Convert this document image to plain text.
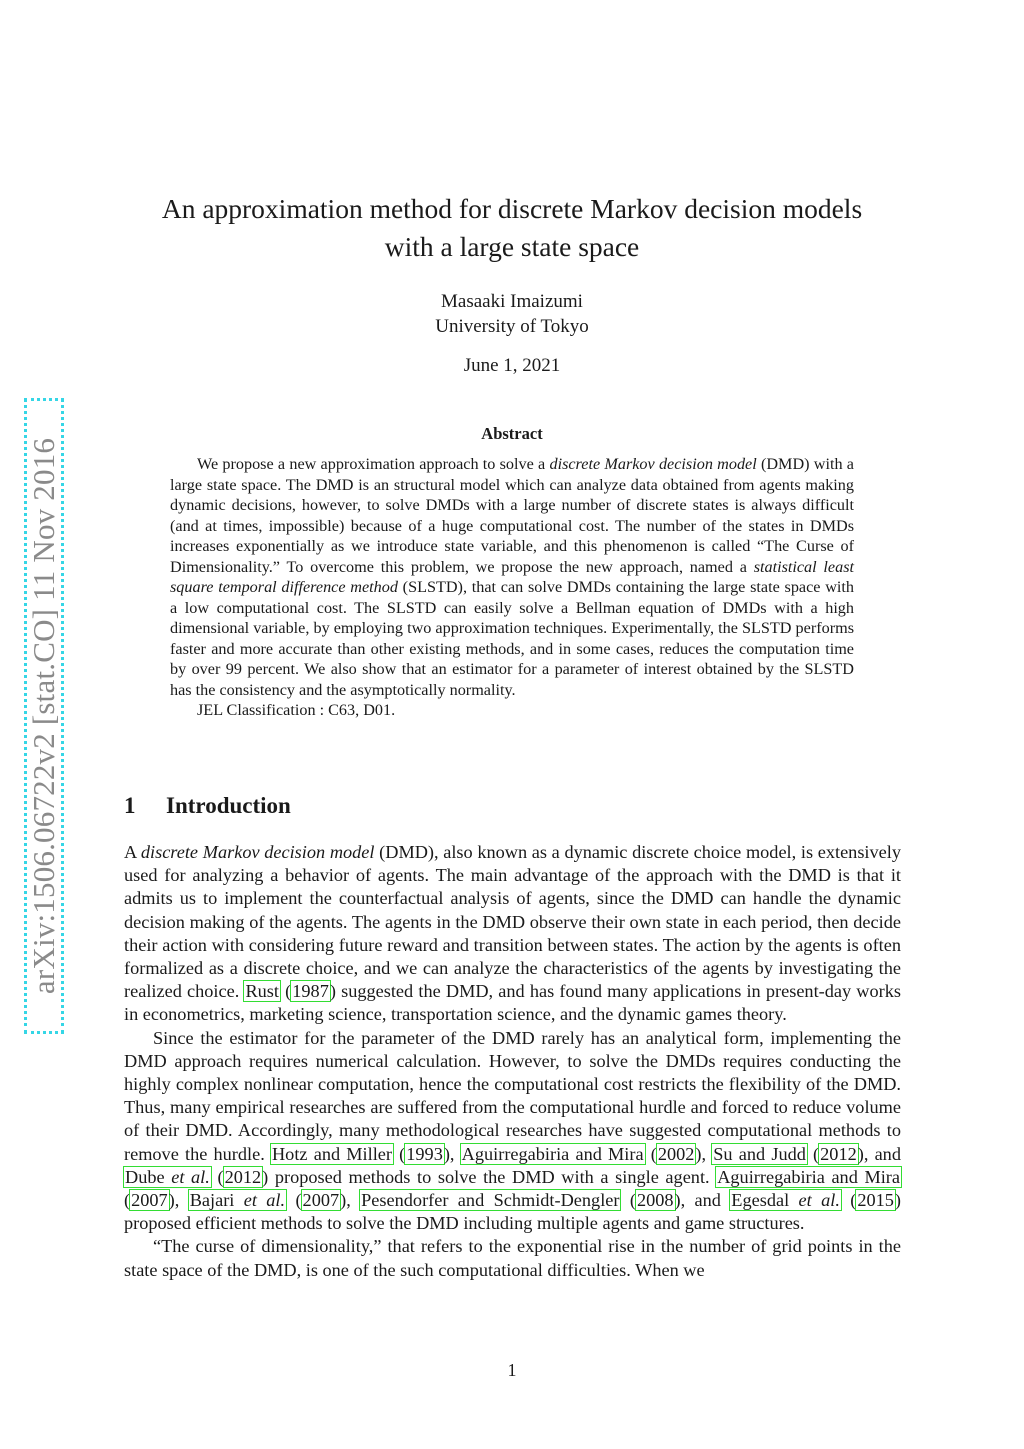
arXiv:1506.06722v2 [stat.CO] 11 Nov 2016
An approximation method for discrete Markov decision models
with a large state space
Masaaki Imaizumi
University of Tokyo
June 1, 2021
Abstract

We propose a new approximation approach to solve a discrete Markov decision model (DMD) with a large state space. The DMD is an structural model which can analyze data obtained from agents making dynamic decisions, however, to solve DMDs with a large number of discrete states is always difficult (and at times, impossible) because of a huge computational cost. The number of the states in DMDs increases exponentially as we introduce state variable, and this phenomenon is called “The Curse of Dimensionality.” To overcome this problem, we propose the new approach, named a statistical least square temporal difference method (SLSTD), that can solve DMDs containing the large state space with a low computational cost. The SLSTD can easily solve a Bellman equation of DMDs with a high dimensional variable, by employing two approximation techniques. Experimentally, the SLSTD performs faster and more accurate than other existing methods, and in some cases, reduces the computation time by over 99 percent. We also show that an estimator for a parameter of interest obtained by the SLSTD has the consistency and the asymptotically normality.

JEL Classification : C63, D01.

1 Introduction

A discrete Markov decision model (DMD), also known as a dynamic discrete choice model, is extensively used for analyzing a behavior of agents. The main advantage of the approach with the DMD is that it admits us to implement the counterfactual analysis of agents, since the DMD can handle the dynamic decision making of the agents. The agents in the DMD observe their own state in each period, then decide their action with considering future reward and transition between states. The action by the agents is often formalized as a discrete choice, and we can analyze the characteristics of the agents by investigating the realized choice. Rust (1987) suggested the DMD, and has found many applications in present-day works in econometrics, marketing science, transportation science, and the dynamic games theory.

Since the estimator for the parameter of the DMD rarely has an analytical form, implementing the DMD approach requires numerical calculation. However, to solve the DMDs requires conducting the highly complex nonlinear computation, hence the computational cost restricts the flexibility of the DMD. Thus, many empirical researches are suffered from the computational hurdle and forced to reduce volume of their DMD. Accordingly, many methodological researches have suggested computational methods to remove the hurdle. Hotz and Miller (1993), Aguirregabiria and Mira (2002), Su and Judd (2012), and Dube et al. (2012) proposed methods to solve the DMD with a single agent. Aguirregabiria and Mira (2007), Bajari et al. (2007), Pesendorfer and Schmidt-Dengler (2008), and Egesdal et al. (2015) proposed efficient methods to solve the DMD including multiple agents and game structures.

“The curse of dimensionality,” that refers to the exponential rise in the number of grid points in the state space of the DMD, is one of the such computational difficulties. When we

1
